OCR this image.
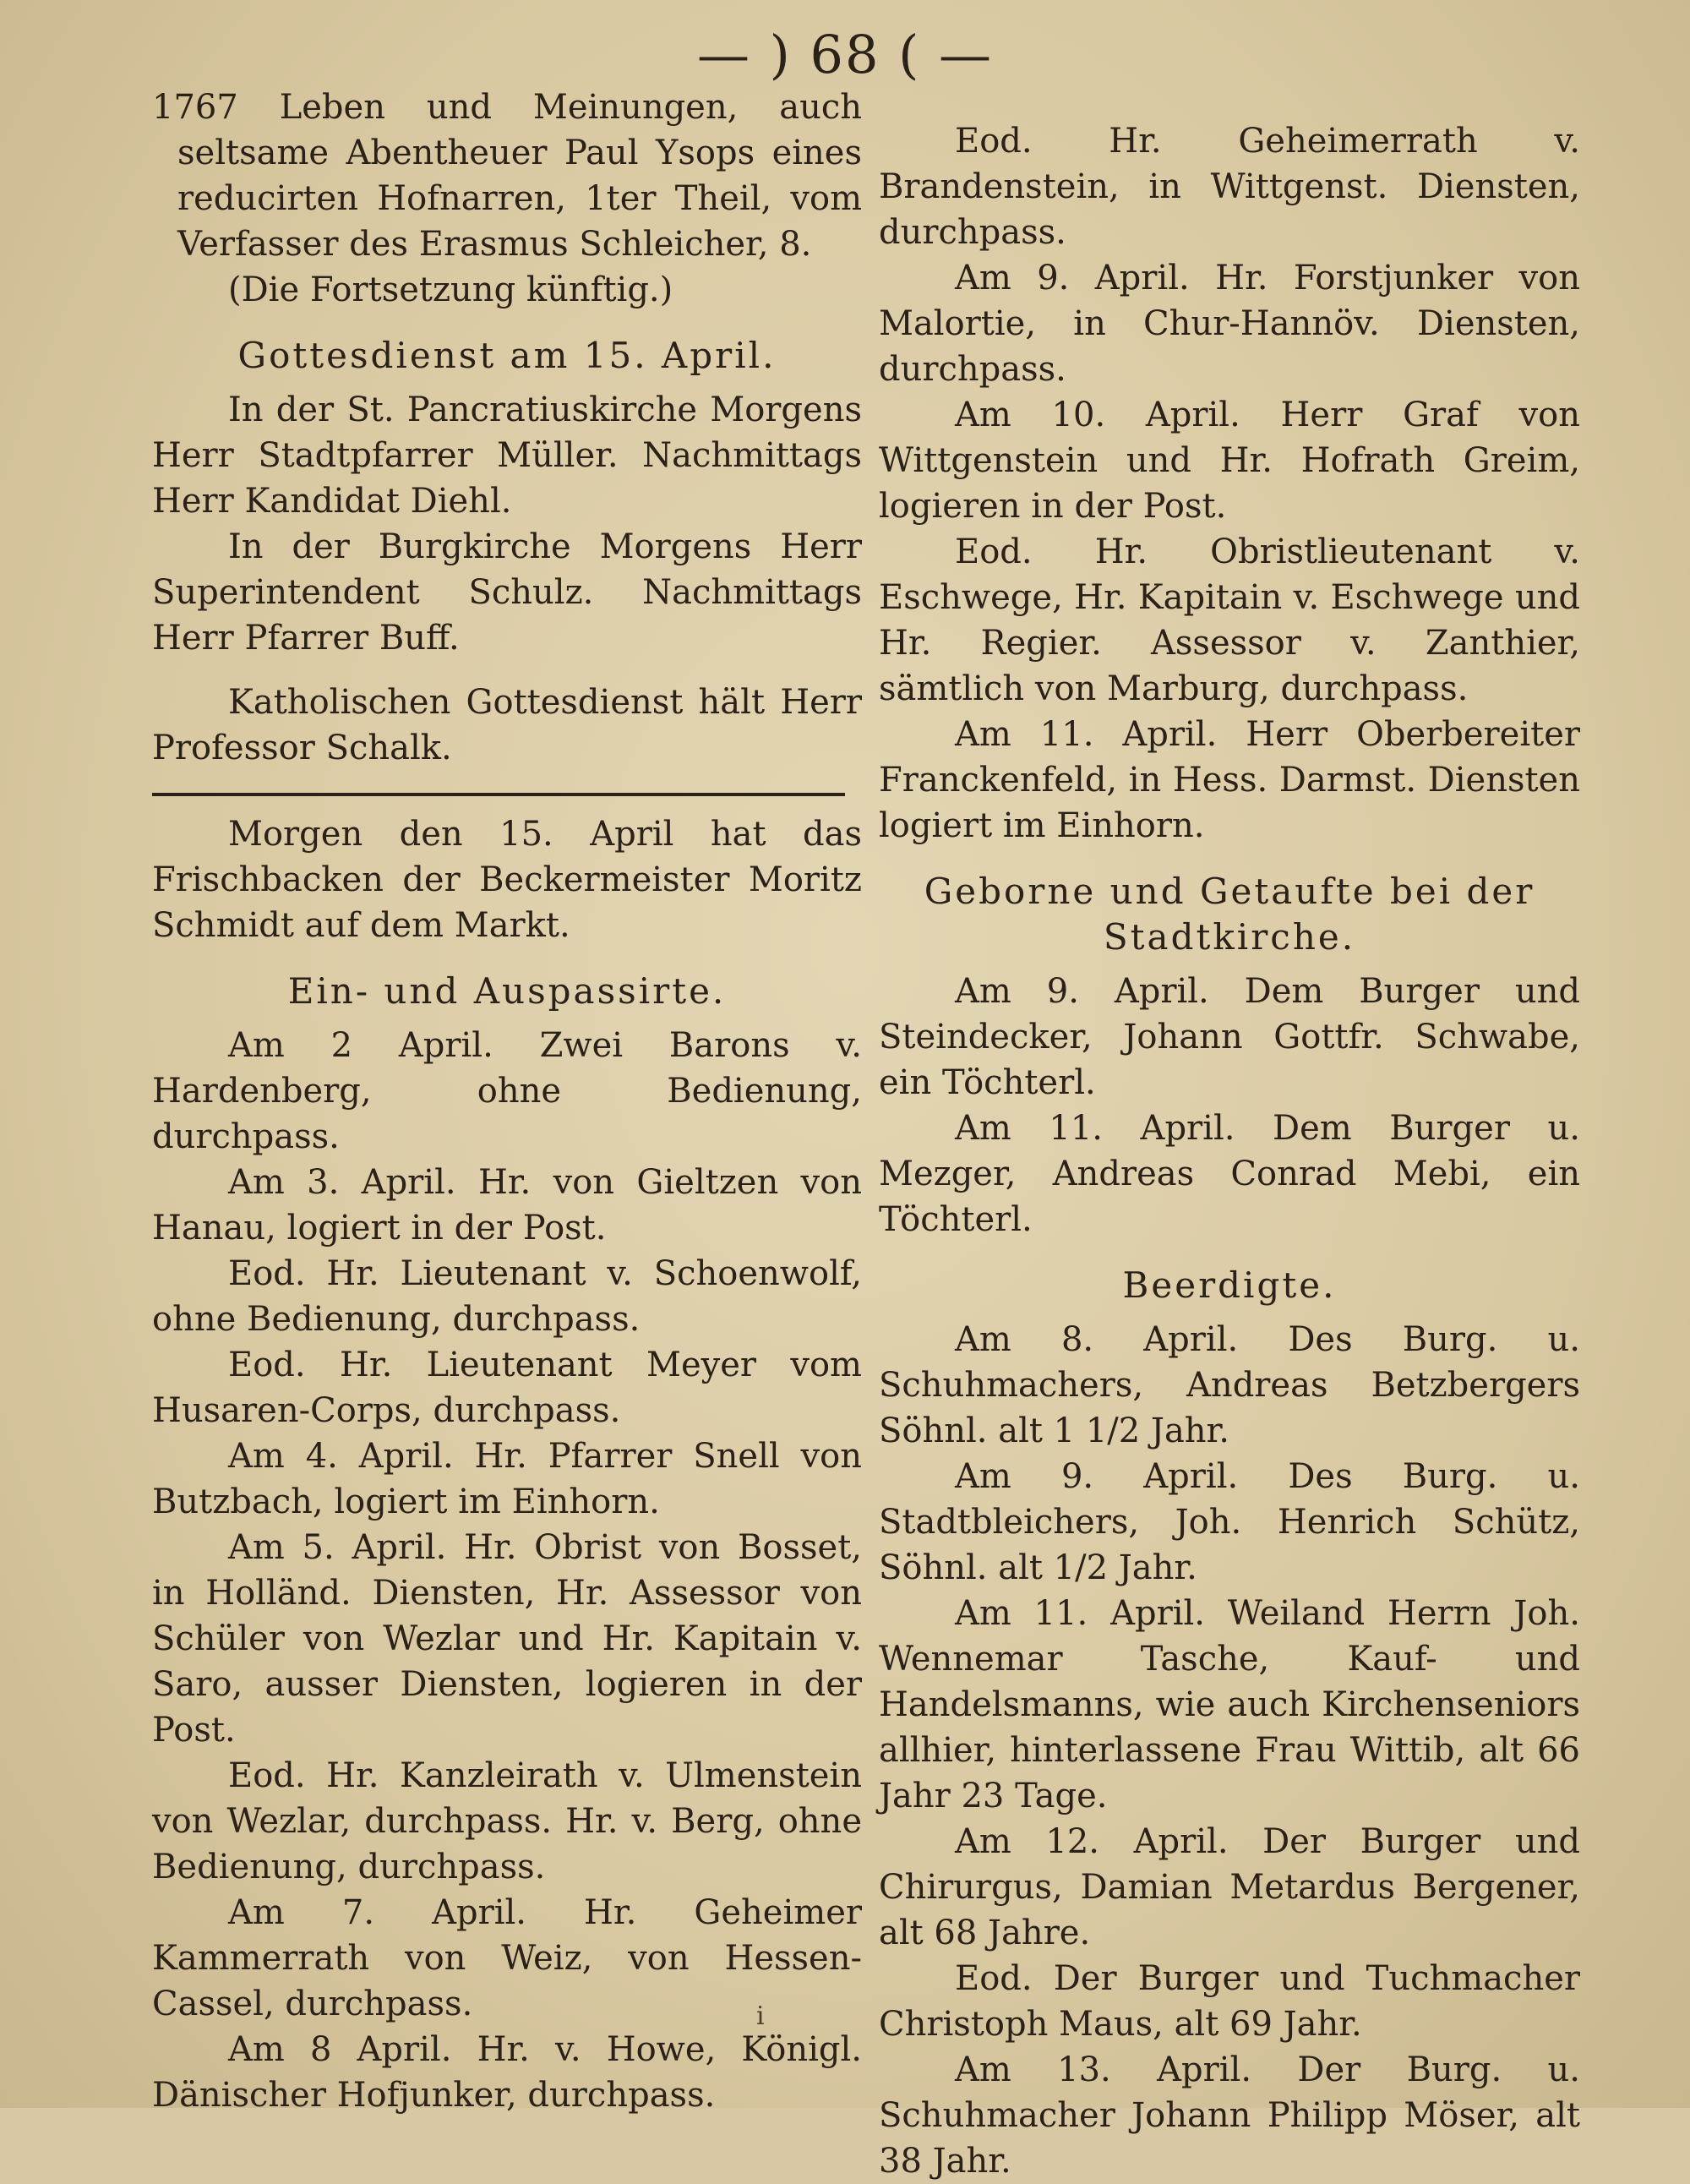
— ) 68 ( —

1767 Leben und Meinungen, auch seltsame Abentheuer Paul Ysops eines reducirten Hofnarren, 1ter Theil, vom Verfasser des Erasmus Schleicher, 8.

(Die Fortsetzung künftig.)

Gottesdienst am 15. April.

In der St. Pancratiuskirche Morgens Herr Stadtpfarrer Müller. Nachmittags Herr Kandidat Diehl.

In der Burgkirche Morgens Herr Superintendent Schulz. Nachmittags Herr Pfarrer Buff.

Katholischen Gottesdienst hält Herr Professor Schalk.

Morgen den 15. April hat das Frischbacken der Beckermeister Moritz Schmidt auf dem Markt.

Ein- und Auspassirte.

Am 2 April. Zwei Barons v. Hardenberg, ohne Bedienung, durchpass.

Am 3. April. Hr. von Gieltzen von Hanau, logiert in der Post.

Eod. Hr. Lieutenant v. Schoenwolf, ohne Bedienung, durchpass.

Eod. Hr. Lieutenant Meyer vom Husaren-Corps, durchpass.

Am 4. April. Hr. Pfarrer Snell von Butzbach, logiert im Einhorn.

Am 5. April. Hr. Obrist von Bosset, in Holländ. Diensten, Hr. Assessor von Schüler von Wezlar und Hr. Kapitain v. Saro, ausser Diensten, logieren in der Post.

Eod. Hr. Kanzleirath v. Ulmenstein von Wezlar, durchpass. Hr. v. Berg, ohne Bedienung, durchpass.

Am 7. April. Hr. Geheimer Kammerrath von Weiz, von Hessen-Cassel, durchpass.

Am 8 April. Hr. v. Howe, Königl. Dänischer Hofjunker, durchpass.

Eod. Hr. Geheimerrath v. Brandenstein, in Wittgenst. Diensten, durchpass.

Am 9. April. Hr. Forstjunker von Malortie, in Chur-Hannöv. Diensten, durchpass.

Am 10. April. Herr Graf von Wittgenstein und Hr. Hofrath Greim, logieren in der Post.

Eod. Hr. Obristlieutenant v. Eschwege, Hr. Kapitain v. Eschwege und Hr. Regier. Assessor v. Zanthier, sämtlich von Marburg, durchpass.

Am 11. April. Herr Oberbereiter Franckenfeld, in Hess. Darmst. Diensten logiert im Einhorn.

Geborne und Getaufte bei der Stadtkirche.

Am 9. April. Dem Burger und Steindecker, Johann Gottfr. Schwabe, ein Töchterl.

Am 11. April. Dem Burger u. Mezger, Andreas Conrad Mebi, ein Töchterl.

Beerdigte.

Am 8. April. Des Burg. u. Schuhmachers, Andreas Betzbergers Söhnl. alt 1 1/2 Jahr.

Am 9. April. Des Burg. u. Stadtbleichers, Joh. Henrich Schütz, Söhnl. alt 1/2 Jahr.

Am 11. April. Weiland Herrn Joh. Wennemar Tasche, Kauf- und Handelsmanns, wie auch Kirchenseniors allhier, hinterlassene Frau Wittib, alt 66 Jahr 23 Tage.

Am 12. April. Der Burger und Chirurgus, Damian Metardus Bergener, alt 68 Jahre.

Eod. Der Burger und Tuchmacher Christoph Maus, alt 69 Jahr.

Am 13. April. Der Burg. u. Schuhmacher Johann Philipp Möser, alt 38 Jahr.

i
